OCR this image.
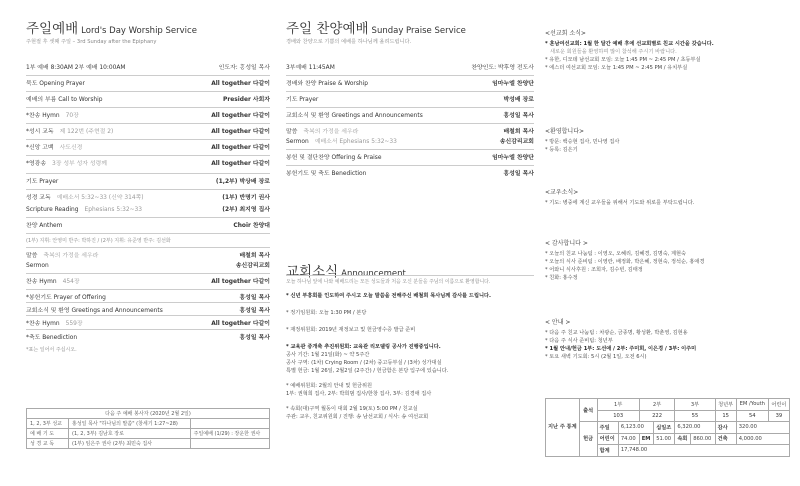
주일예배 Lord's Day Worship Service
주현절 후 셋째 주일 – 3rd Sunday after the Epiphany
1부 예배 8:30AM 2부 예배 10:00AM	인도자: 홍성일 목사
묵도 Opening Prayer	All together 다같이
예배의 부름 Call to Worship	Presider 사회자
*찬송 Hymn	70장	All together 다같이
*성시 교독	제 122번 (주현절 2)	All together 다같이
*신앙 고백	사도신경	All together 다같이
*영광송	3장 성부 성자 성령께	All together 다같이
기도 Prayer	(1,2부) 박상배 장로
성경 교독	예배소서 5:32~33 (신약 314쪽)	(1부) 반명기 권사
Scripture Reading	Ephesians 5:32~33	(2부) 최지영 집사
찬양 Anthem	Choir 찬양대
말씀	축복의 가정을 세우라	배철희 목사
Sermon	송신감리교회
찬송 Hymn	454장	All together 다같이
*봉헌기도 Prayer of Offering	홍성일 목사
교회소식 및 환영 Greetings and Announcements	홍성일 목사
*찬송 Hymn	559장	All together 다같이
*축도 Benediction	홍성일 목사
(1부) 지휘: 안영미 반주: 박하진 / (2부) 지휘: 유준영 반주: 김선화
*표는 일어서 주십시오.
다음 주 예배 봉사자 (2020년 2월 2일)		
1, 2, 3부 성교	홍성일 목사 "하나님의 말씀" (창세기 1:27~28)	
예 배 기 도	(1, 2, 3부) 김남호 장로	주일예배 (1/29) : 장운한 권사
성 경 교 독	(1부) 임은주 권사 (2부) 최민숙 집사	
주일 찬양예배 Sunday Praise Service
경배와 찬양으로 기쁨의 예배를 하나님께 올려드립니다.
3부예배 11:45AM	찬양인도: 박후영 전도사
경배와 찬양 Praise & Worship	임마누엘 찬양단
기도 Prayer	박성배 장로
교회소식 및 환영 Greetings and Announcements	홍성일 목사
말씀	축복의 가정을 세우라	배철희 목사
Sermon	예배소서 Ephesians 5:32~33	송신감리교회
봉헌 및 결단찬양 Offering & Praise	임마누엘 찬양단
봉헌기도 및 축도 Benediction	홍성일 목사
교회소식 Announcement
오늘 하나님 앞에 나와 예배드리는 모든 성도들과 처음 오신 분들을 주님의 이름으로 환영합니다.
* 신년 부흥회를 인도하여 주시고 오늘 말씀을 전해주신 배철희 목사님께 감사를 드립니다.
* 정기임원회: 오늘 1:30 PM / 본당
* 재정위원회: 2019년 재정보고 및 헌금영수증 발급 준비
* 교육관 증개축 추진위원회: 교육관 리모델링 공사가 진행중입니다.
공사 기간: 1월 21일(화) ~ 약 5주간
공사 구역: (1차) Crying Room / (2차) 중고등부실 / (3차) 성가대실
특별 헌금: 1월 26일, 2월2일 (2주간) / 헌금함은 본당 입구에 있습니다.
* 예배위원회: 2월의 안내 및 헌금위원
1부: 권혁희 집사, 2부: 박희범 집사/한창 집사, 3부: 김경애 집사
* 속회(대)구역 월동이 대회 2월 19(토) 5:00 PM / 친교실
주관: 교우, 친교위원회 / 진행: 송 남선교회 / 식사: 송 여선교회
<선교회 소식>
* 혼남여선교회: 1월 한 달간 예배 후에 선교회별로 친교 시간을 갖습니다.
새로운 회원들을 환영하며 많이 참석해 주시기 바랍니다.
* 유한, 디모데 남선교회 모임: 오늘 1:45 PM ~ 2:45 PM / 초등부실
* 에스더 여선교회 모임: 오늘 1:45 PM ~ 2:45 PM / 유치부실
<환영합니다>
* 방문: 백승현 집사, 민나영 집사
* 등록: 김은기
<교우소식>
* 기도: 병중에 계신 교우들을 위해서 기도와 위로를 부탁드립니다.
< 감사합니다 >
* 오늘의 친교 나눔팀 : 이영오, 오혜리, 김혜경, 김명숙, 계현숙
* 오늘의 식사 준비팀 : 이영란, 배정화, 박은혜, 정현숙, 정석순, 홍애경
* 어와니 식사후원 : 조희자, 김수빈, 김태정
* 친화: 홍수정
< 안내 >
* 다음 주 친교 나눔팀 : 차광순, 금종명, 황성환, 박춘영, 김현용
* 다음 주 식사 준비팀: 청년부
* 1월 안내/헌금 1부: 도선애 / 2부: 주미희, 이은경 / 3부: 이주미
* 토요 새벽 기도회: 5시 (2월 1일, 오전 6시)
지난 주 통계	출석	1부		2부		3부		청년부	EM /Youth	어린이
		103		222		55		15	54	39
	헌금	주일	6,123.00		십일조	6,320.00		감사	320.00	
		어린이	74.00	EM	51.00	속회	860.00	건축	4,000.00	
		합계	17,748.00							
